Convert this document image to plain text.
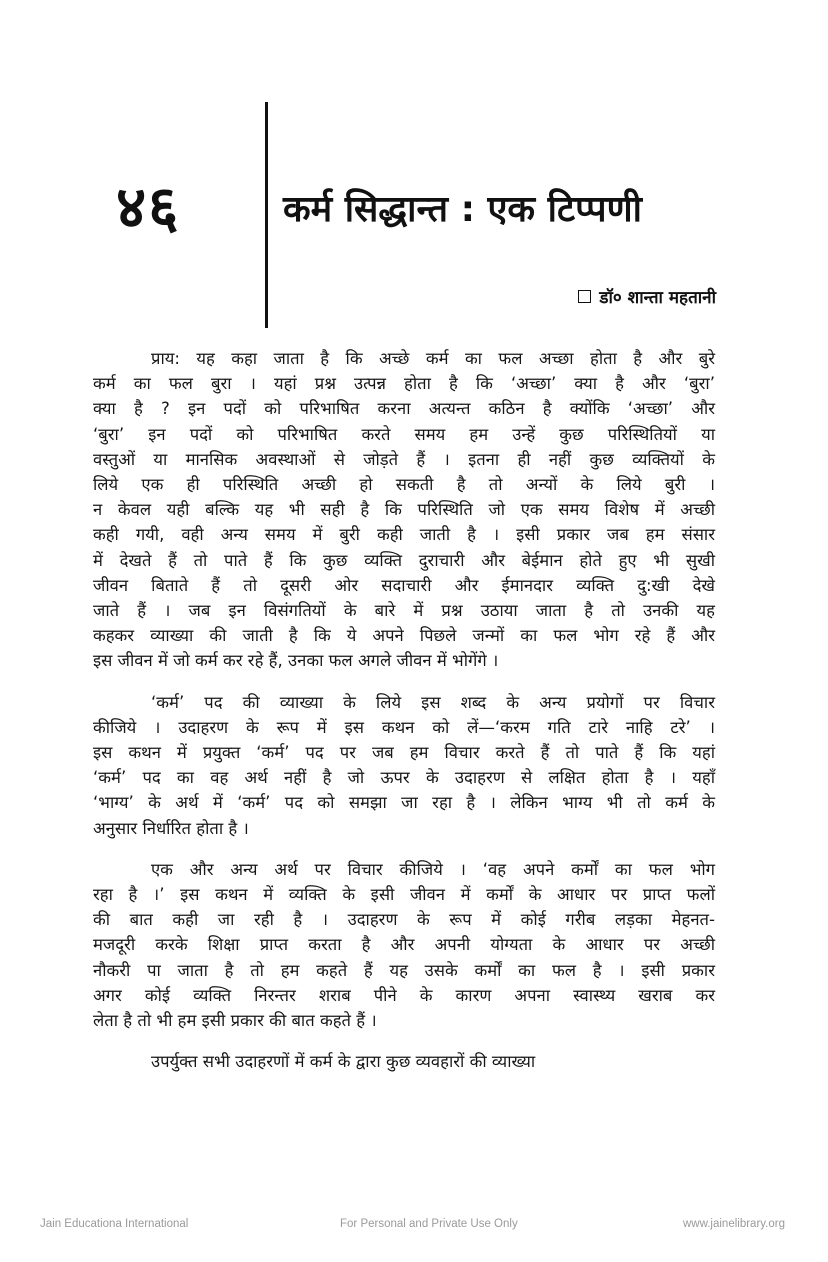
४६	कर्म सिद्धान्त : एक टिप्पणी
डॉ० शान्ता महतानी
प्राय: यह कहा जाता है कि अच्छे कर्म का फल अच्छा होता है और बुरे
कर्म का फल बुरा । यहां प्रश्न उत्पन्न होता है कि ‘अच्छा’ क्या है और ‘बुरा’
क्या है ? इन पदों को परिभाषित करना अत्यन्त कठिन है क्योंकि ‘अच्छा’ और
‘बुरा’ इन पदों को परिभाषित करते समय हम उन्हें कुछ परिस्थितियों या
वस्तुओं या मानसिक अवस्थाओं से जोड़ते हैं । इतना ही नहीं कुछ व्यक्तियों के
लिये एक ही परिस्थिति अच्छी हो सकती है तो अन्यों के लिये बुरी ।
न केवल यही बल्कि यह भी सही है कि परिस्थिति जो एक समय विशेष में अच्छी
कही गयी, वही अन्य समय में बुरी कही जाती है । इसी प्रकार जब हम संसार
में देखते हैं तो पाते हैं कि कुछ व्यक्ति दुराचारी और बेईमान होते हुए भी सुखी
जीवन बिताते हैं तो दूसरी ओर सदाचारी और ईमानदार व्यक्ति दु:खी देखे
जाते हैं । जब इन विसंगतियों के बारे में प्रश्न उठाया जाता है तो उनकी यह
कहकर व्याख्या की जाती है कि ये अपने पिछले जन्मों का फल भोग रहे हैं और
इस जीवन में जो कर्म कर रहे हैं, उनका फल अगले जीवन में भोगेंगे ।
‘कर्म’ पद की व्याख्या के लिये इस शब्द के अन्य प्रयोगों पर विचार
कीजिये । उदाहरण के रूप में इस कथन को लें—‘करम गति टारे नाहि टरे’ ।
इस कथन में प्रयुक्त ‘कर्म’ पद पर जब हम विचार करते हैं तो पाते हैं कि यहां
‘कर्म’ पद का वह अर्थ नहीं है जो ऊपर के उदाहरण से लक्षित होता है । यहाँ
‘भाग्य’ के अर्थ में ‘कर्म’ पद को समझा जा रहा है । लेकिन भाग्य भी तो कर्म के
अनुसार निर्धारित होता है ।
एक और अन्य अर्थ पर विचार कीजिये । ‘वह अपने कर्मों का फल भोग
रहा है ।’ इस कथन में व्यक्ति के इसी जीवन में कर्मों के आधार पर प्राप्त फलों
की बात कही जा रही है । उदाहरण के रूप में कोई गरीब लड़का मेहनत-
मजदूरी करके शिक्षा प्राप्त करता है और अपनी योग्यता के आधार पर अच्छी
नौकरी पा जाता है तो हम कहते हैं यह उसके कर्मों का फल है । इसी प्रकार
अगर कोई व्यक्ति निरन्तर शराब पीने के कारण अपना स्वास्थ्य खराब कर
लेता है तो भी हम इसी प्रकार की बात कहते हैं ।
उपर्युक्त सभी उदाहरणों में कर्म के द्वारा कुछ व्यवहारों की व्याख्या
Jain Educationa International	For Personal and Private Use Only	www.jainelibrary.org
